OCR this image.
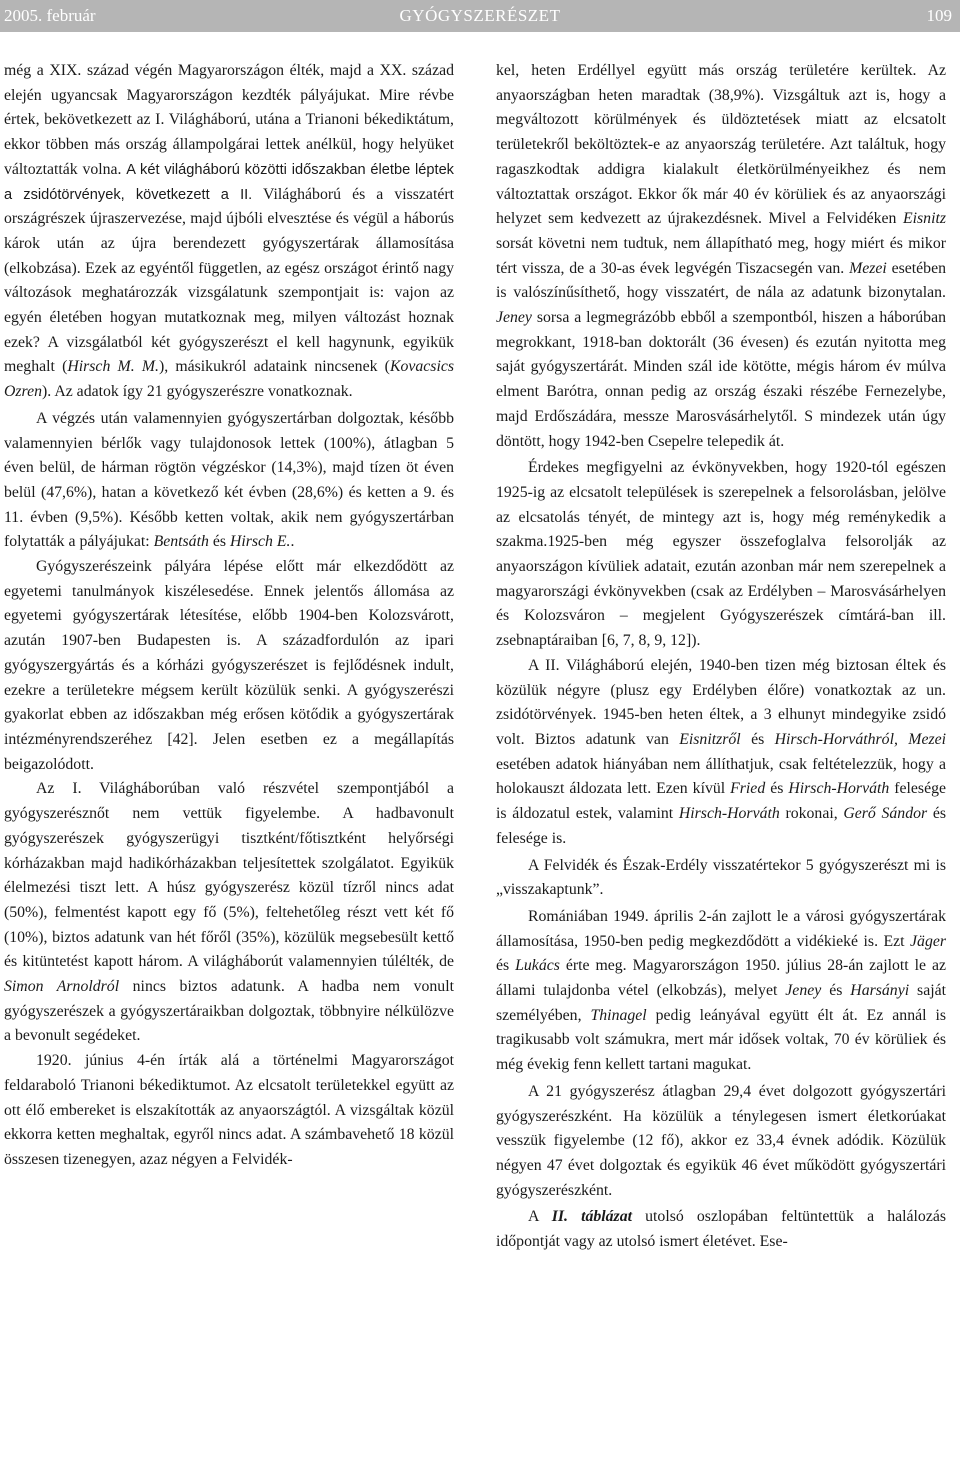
2005. február	GYÓGYSZERÉSZET	109

még a XIX. század végén Magyarországon élték, majd a XX. század elején ugyancsak Magyarországon kezdték pályájukat. Mire révbe értek, bekövetkezett az I. Világháború, utána a Trianoni békediktátum, ekkor többen más ország állampolgárai lettek anélkül, hogy helyüket változtatták volna. A két világháború közötti időszakban életbe léptek a zsidótörvények, következett a II. Világháború és a visszatért országrészek újraszervezése, majd újbóli elvesztése és végül a háborús károk után az újra berendezett gyógyszertárak államosítása (elkobzása). Ezek az egyéntől független, az egész országot érintő nagy változások meghatározzák vizsgálatunk szempontjait is: vajon az egyén életében hogyan mutatkoznak meg, milyen változást hoznak ezek? A vizsgálatból két gyógyszerészt el kell hagynunk, egyikük meghalt (Hirsch M. M.), másikukról adataink nincsenek (Kovacsics Ozren). Az adatok így 21 gyógyszerészre vonatkoznak.

A végzés után valamennyien gyógyszertárban dolgoztak, később valamennyien bérlők vagy tulajdonosok lettek (100%), átlagban 5 éven belül, de hárman rögtön végzéskor (14,3%), majd tízen öt éven belül (47,6%), hatan a következő két évben (28,6%) és ketten a 9. és 11. évben (9,5%). Később ketten voltak, akik nem gyógyszertárban folytatták a pályájukat: Bentsáth és Hirsch E..

Gyógyszerészeink pályára lépése előtt már elkezdődött az egyetemi tanulmányok kiszélesedése. Ennek jelentős állomása az egyetemi gyógyszertárak létesítése, előbb 1904-ben Kolozsvárott, azután 1907-ben Budapesten is. A századfordulón az ipari gyógyszergyártás és a kórházi gyógyszerészet is fejlődésnek indult, ezekre a területekre mégsem került közülük senki. A gyógyszerészi gyakorlat ebben az időszakban még erősen kötődik a gyógyszertárak intézményrendszeréhez [42]. Jelen esetben ez a megállapítás beigazolódott.

Az I. Világháborúban való részvétel szempontjából a gyógyszerésznőt nem vettük figyelembe. A hadbavonult gyógyszerészek gyógyszerügyi tisztként/főtisztként helyőrségi kórházakban majd hadikórházakban teljesítettek szolgálatot. Egyikük élelmezési tiszt lett. A húsz gyógyszerész közül tízről nincs adat (50%), felmentést kapott egy fő (5%), feltehetőleg részt vett két fő (10%), biztos adatunk van hét főről (35%), közülük megsebesült kettő és kitüntetést kapott három. A világháborút valamennyien túlélték, de Simon Arnoldról nincs biztos adatunk. A hadba nem vonult gyógyszerészek a gyógyszertáraikban dolgoztak, többnyire nélkülözve a bevonult segédeket.

1920. június 4-én írták alá a történelmi Magyarországot feldaraboló Trianoni békediktumot. Az elcsatolt területekkel együtt az ott élő embereket is elszakították az anyaországtól. A vizsgáltak közül ekkorra ketten meghaltak, egyről nincs adat. A számbavehető 18 közül összesen tizenegyen, azaz négyen a Felvidék-

kel, heten Erdéllyel együtt más ország területére kerültek. Az anyaországban heten maradtak (38,9%). Vizsgáltuk azt is, hogy a megváltozott körülmények és üldöztetések miatt az elcsatolt területekről beköltöztek-e az anyaország területére. Azt találtuk, hogy ragaszkodtak addigra kialakult életkörülményeikhez és nem változtattak országot. Ekkor ők már 40 év körüliek és az anyaországi helyzet sem kedvezett az újrakezdésnek. Mivel a Felvidéken Eisnitz sorsát követni nem tudtuk, nem állapítható meg, hogy miért és mikor tért vissza, de a 30-as évek legvégén Tiszacsegén van. Mezei esetében is valószínűsíthető, hogy visszatért, de nála az adatunk bizonytalan. Jeney sorsa a legmegrázóbb ebből a szempontból, hiszen a háborúban megrokkant, 1918-ban doktorált (36 évesen) és ezután nyitotta meg saját gyógyszertárát. Minden szál ide kötötte, mégis három év múlva elment Barótra, onnan pedig az ország északi részébe Fernezelybe, majd Erdőszádára, messze Marosvásárhelytől. S mindezek után úgy döntött, hogy 1942-ben Csepelre telepedik át.

Érdekes megfigyelni az évkönyvekben, hogy 1920-tól egészen 1925-ig az elcsatolt települések is szerepelnek a felsorolásban, jelölve az elcsatolás tényét, de mintegy azt is, hogy még reménykedik a szakma.1925-ben még egyszer összefoglalva felsorolják az anyaországon kívüliek adatait, ezután azonban már nem szerepelnek a magyarországi évkönyvekben (csak az Erdélyben – Marosvásárhelyen és Kolozsváron – megjelent Gyógyszerészek címtárá-ban ill. zsebnaptáraiban [6, 7, 8, 9, 12]).

A II. Világháború elején, 1940-ben tizen még biztosan éltek és közülük négyre (plusz egy Erdélyben élőre) vonatkoztak az un. zsidótörvények. 1945-ben heten éltek, a 3 elhunyt mindegyike zsidó volt. Biztos adatunk van Eisnitzről és Hirsch-Horváthról, Mezei esetében adatok hiányában nem állíthatjuk, csak feltételezzük, hogy a holokauszt áldozata lett. Ezen kívül Fried és Hirsch-Horváth felesége is áldozatul estek, valamint Hirsch-Horváth rokonai, Gerő Sándor és felesége is.

A Felvidék és Észak-Erdély visszatértekor 5 gyógyszerészt mi is „visszakaptunk”.

Romániában 1949. április 2-án zajlott le a városi gyógyszertárak államosítása, 1950-ben pedig megkezdődött a vidékieké is. Ezt Jäger és Lukács érte meg. Magyarországon 1950. július 28-án zajlott le az állami tulajdonba vétel (elkobzás), melyet Jeney és Harsányi saját személyében, Thinagel pedig leányával együtt élt át. Ez annál is tragikusabb volt számukra, mert már idősek voltak, 70 év körüliek és még évekig fenn kellett tartani magukat.

A 21 gyógyszerész átlagban 29,4 évet dolgozott gyógyszertári gyógyszerészként. Ha közülük a ténylegesen ismert életkorúakat vesszük figyelembe (12 fő), akkor ez 33,4 évnek adódik. Közülük négyen 47 évet dolgoztak és egyikük 46 évet működött gyógyszertári gyógyszerészként.

A II. táblázat utolsó oszlopában feltüntettük a halálozás időpontját vagy az utolsó ismert életévet. Ese-
